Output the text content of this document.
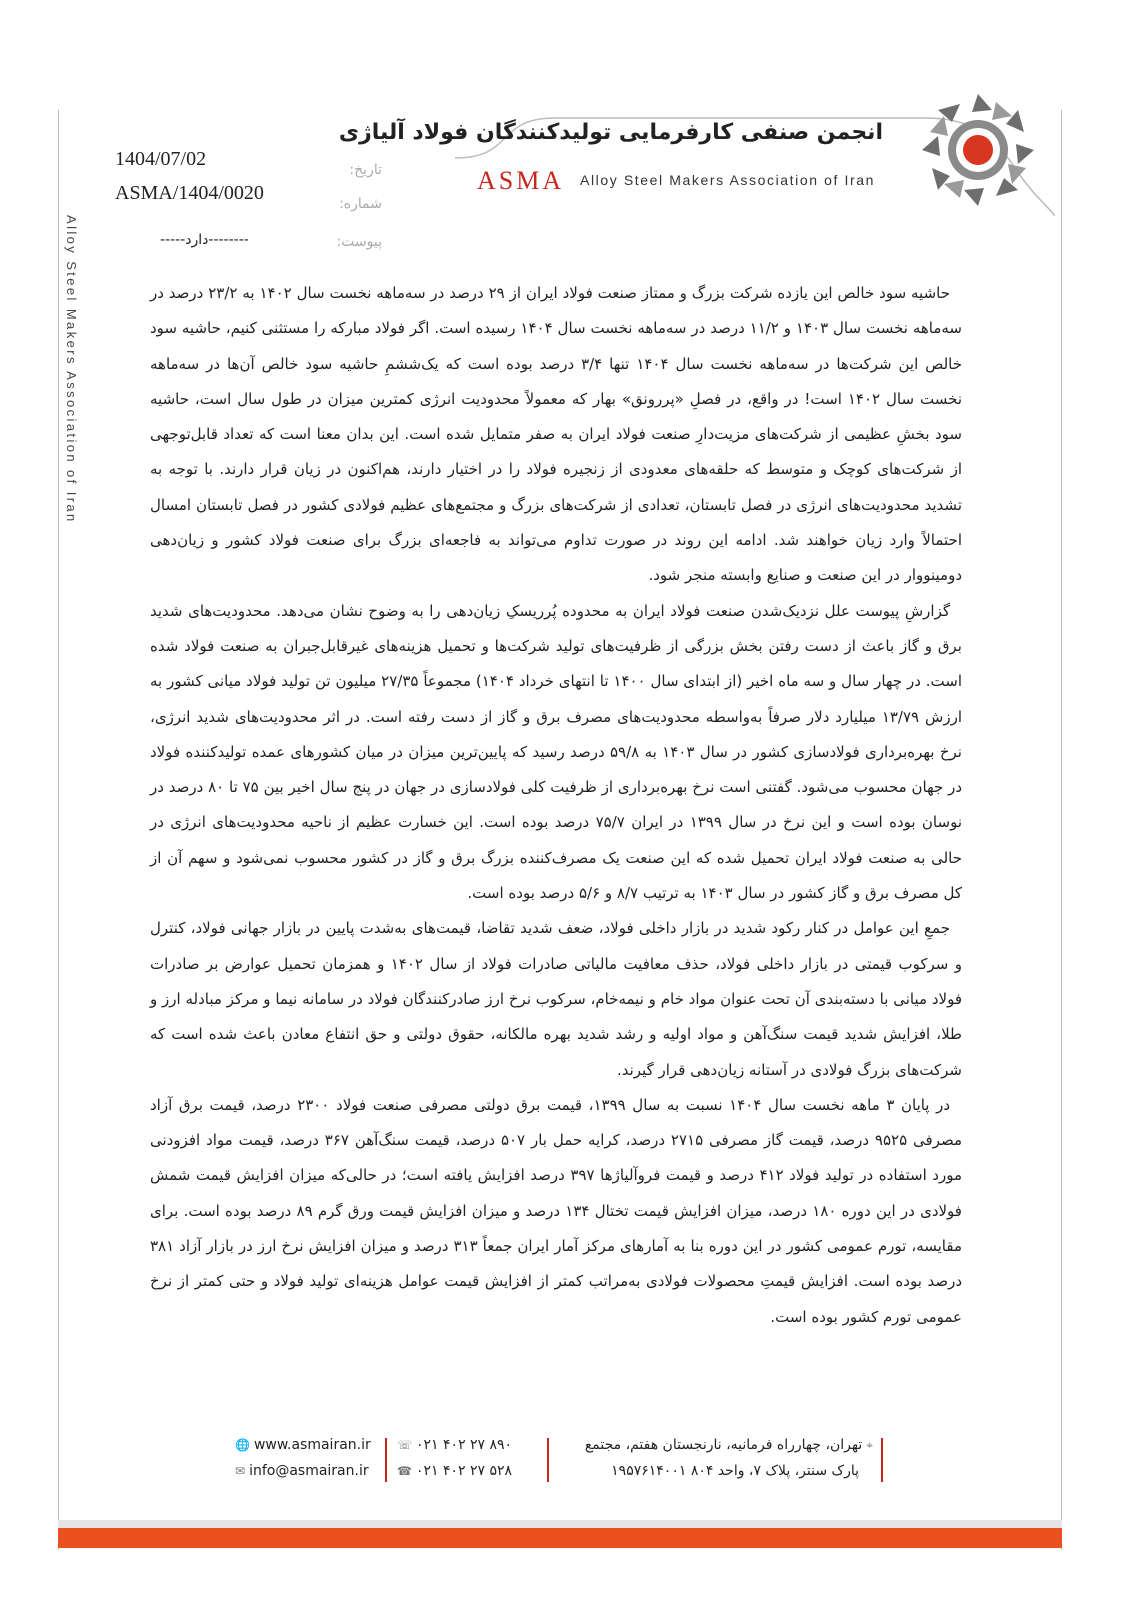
انجمن صنفی کارفرمایی تولیدکنندگان فولاد آلیاژی
ASMA Alloy Steel Makers Association of Iran
Alloy Steel Makers Association of Iran
1404/07/02	تاریخ:
ASMA/1404/0020	شماره:
-----دارد--------	پیوست:

حاشیه سود خالص این یازده شرکت بزرگ و ممتاز صنعت فولاد ایران از ۲۹ درصد در سه‌ماهه نخست سال ۱۴۰۲ به ۲۳/۲ درصد در سه‌ماهه نخست سال ۱۴۰۳ و ۱۱/۲ درصد در سه‌ماهه نخست سال ۱۴۰۴ رسیده است. اگر فولاد مبارکه را مستثنی کنیم، حاشیه سود خالص این شرکت‌ها در سه‌ماهه نخست سال ۱۴۰۴ تنها ۳/۴ درصد بوده است که یک‌ششمِ حاشیه سود خالص آن‌ها در سه‌ماهه نخست سال ۱۴۰۲ است! در واقع، در فصلِ «پررونق» بهار که معمولاً محدودیت انرژی کمترین میزان در طول سال است، حاشیه سود بخشِ عظیمی از شرکت‌های مزیت‌دارِ صنعت فولاد ایران به صفر متمایل شده است. این بدان معنا است که تعداد قابل‌توجهی از شرکت‌های کوچک و متوسط که حلقه‌های معدودی از زنجیره فولاد را در اختیار دارند، هم‌اکنون در زیان قرار دارند. با توجه به تشدید محدودیت‌های انرژی در فصل تابستان، تعدادی از شرکت‌های بزرگ و مجتمع‌های عظیم فولادی کشور در فصل تابستان امسال احتمالاً وارد زیان خواهند شد. ادامه این روند در صورت تداوم می‌تواند به فاجعه‌ای بزرگ برای صنعت فولاد کشور و زیان‌دهی دومینووار در این صنعت و صنایع وابسته منجر شود.

گزارشِ پیوست علل نزدیک‌شدن صنعت فولاد ایران به محدوده پُرریسکِ زیان‌دهی را به وضوح نشان می‌دهد. محدودیت‌های شدید برق و گاز باعث از دست رفتن بخش بزرگی از ظرفیت‌های تولید شرکت‌ها و تحمیل هزینه‌های غیرقابل‌جبران به صنعت فولاد شده است. در چهار سال و سه ماه اخیر (از ابتدای سال ۱۴۰۰ تا انتهای خرداد ۱۴۰۴) مجموعاً ۲۷/۳۵ میلیون تن تولید فولاد میانی کشور به ارزش ۱۳/۷۹ میلیارد دلار صرفاً به‌واسطه محدودیت‌های مصرف برق و گاز از دست رفته است. در اثر محدودیت‌های شدید انرژی، نرخ بهره‌برداری فولادسازی کشور در سال ۱۴۰۳ به ۵۹/۸ درصد رسید که پایین‌ترین میزان در میان کشورهای عمده تولیدکننده فولاد در جهان محسوب می‌شود. گفتنی است نرخ بهره‌برداری از ظرفیت کلی فولادسازی در جهان در پنج سال اخیر بین ۷۵ تا ۸۰ درصد در نوسان بوده است و این نرخ در سال ۱۳۹۹ در ایران ۷۵/۷ درصد بوده است. این خسارت عظیم از ناحیه محدودیت‌های انرژی در حالی به صنعت فولاد ایران تحمیل شده که این صنعت یک مصرف‌کننده بزرگ برق و گاز در کشور محسوب نمی‌شود و سهم آن از کل مصرف برق و گاز کشور در سال ۱۴۰۳ به ترتیب ۸/۷ و ۵/۶ درصد بوده است.

جمعِ این عوامل در کنار رکود شدید در بازار داخلی فولاد، ضعف شدید تقاضا، قیمت‌های به‌شدت پایین در بازار جهانی فولاد، کنترل و سرکوب قیمتی در بازار داخلی فولاد، حذف معافیت مالیاتی صادرات فولاد از سال ۱۴۰۲ و همزمان تحمیل عوارض بر صادرات فولاد میانی با دسته‌بندی آن تحت عنوان مواد خام و نیمه‌خام، سرکوب نرخ ارز صادرکنندگان فولاد در سامانه نیما و مرکز مبادله ارز و طلا، افزایش شدید قیمت سنگ‌آهن و مواد اولیه و رشد شدید بهره مالکانه، حقوق دولتی و حق انتفاع معادن باعث شده است که شرکت‌های بزرگ فولادی در آستانه زیان‌دهی قرار گیرند.

در پایان ۳ ماهه نخست سال ۱۴۰۴ نسبت به سال ۱۳۹۹، قیمت برق دولتی مصرفی صنعت فولاد ۲۳۰۰ درصد، قیمت برق آزاد مصرفی ۹۵۲۵ درصد، قیمت گاز مصرفی ۲۷۱۵ درصد، کرایه حمل بار ۵۰۷ درصد، قیمت سنگ‌آهن ۳۶۷ درصد، قیمت مواد افزودنی مورد استفاده در تولید فولاد ۴۱۲ درصد و قیمت فروآلیاژها ۳۹۷ درصد افزایش یافته است؛ در حالی‌که میزان افزایش قیمت شمش فولادی در این دوره ۱۸۰ درصد، میزان افزایش قیمت تختال ۱۳۴ درصد و میزان افزایش قیمت ورق گرم ۸۹ درصد بوده است. برای مقایسه، تورم عمومی کشور در این دوره بنا به آمارهای مرکز آمار ایران جمعاً ۳۱۳ درصد و میزان افزایش نرخ ارز در بازار آزاد ۳۸۱ درصد بوده است. افزایش قیمتِ محصولات فولادی به‌مراتب کمتر از افزایش قیمت عوامل هزینه‌ای تولید فولاد و حتی کمتر از نرخ عمومی تورم کشور بوده است.

🌐 www.asmairan.ir
✉ info@asmairan.ir
☏ ۰۲۱ ۴۰۲ ۲۷ ۸۹۰
☎ ۰۲۱ ۴۰۲ ۲۷ ۵۲۸
⌖
تهران، چهارراه فرمانیه، نارنجستان هفتم، مجتمع
پارک سنتر، پلاک ۷، واحد ۸۰۴ ۱۹۵۷۶۱۴۰۰۱
